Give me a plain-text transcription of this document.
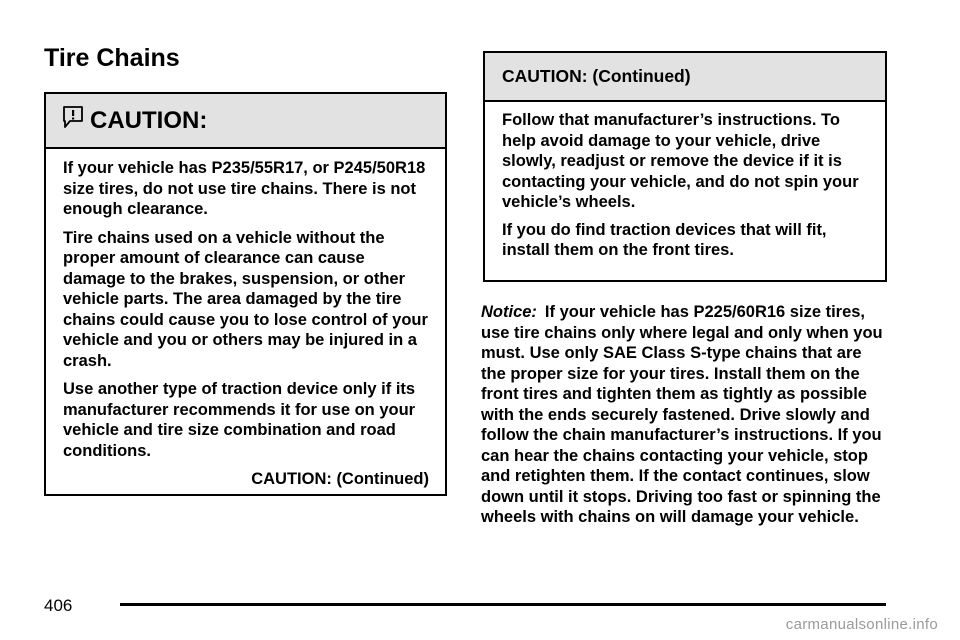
Tire Chains
CAUTION:

If your vehicle has P235/55R17, or P245/50R18 size tires, do not use tire chains. There is not enough clearance.

Tire chains used on a vehicle without the proper amount of clearance can cause damage to the brakes, suspension, or other vehicle parts. The area damaged by the tire chains could cause you to lose control of your vehicle and you or others may be injured in a crash.

Use another type of traction device only if its manufacturer recommends it for use on your vehicle and tire size combination and road conditions.

CAUTION: (Continued)

CAUTION: (Continued)

Follow that manufacturer’s instructions. To help avoid damage to your vehicle, drive slowly, readjust or remove the device if it is contacting your vehicle, and do not spin your vehicle’s wheels.

If you do find traction devices that will fit, install them on the front tires.

Notice: If your vehicle has P225/60R16 size tires, use tire chains only where legal and only when you must. Use only SAE Class S-type chains that are the proper size for your tires. Install them on the front tires and tighten them as tightly as possible with the ends securely fastened. Drive slowly and follow the chain manufacturer’s instructions. If you can hear the chains contacting your vehicle, stop and retighten them. If the contact continues, slow down until it stops. Driving too fast or spinning the wheels with chains on will damage your vehicle.

406
carmanualsonline.info
